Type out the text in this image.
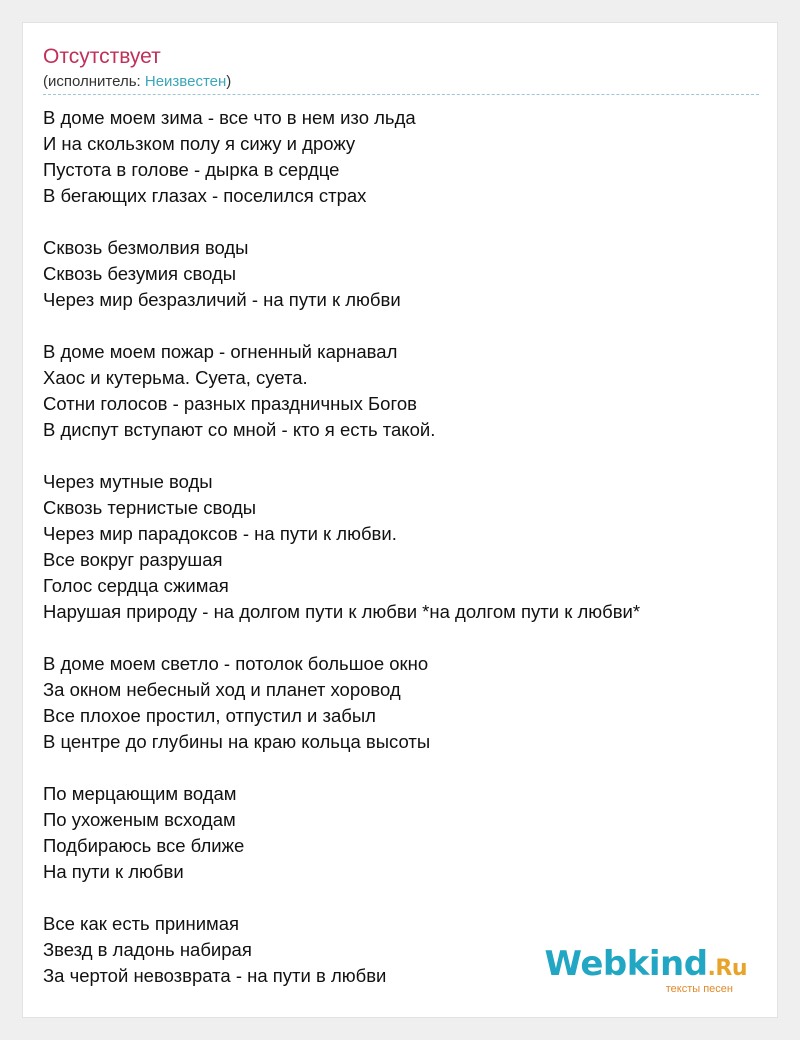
Отсутствует
(исполнитель: Неизвестен)
В доме моем зима - все что в нем изо льда
И на скользком полу я сижу и дрожу
Пустота в голове - дырка в сердце
В бегающих глазах - поселился страх
Сквозь безмолвия воды
Сквозь безумия своды
Через мир безразличий - на пути к любви
В доме моем пожар - огненный карнавал
Хаос и кутерьма. Суета, суета.
Сотни голосов - разных праздничных Богов
В диспут вступают со мной - кто я есть такой.
Через мутные воды
Сквозь тернистые своды
Через мир парадоксов - на пути к любви.
Все вокруг разрушая
Голос сердца сжимая
Нарушая природу - на долгом пути к любви *на долгом пути к любви*
В доме моем светло - потолок большое окно
За окном небесный ход и планет хоровод
Все плохое простил, отпустил и забыл
В центре до глубины на краю кольца высоты
По мерцающим водам
По ухоженым всходам
Подбираюсь все ближе
На пути к любви
Все как есть принимая
Звезд в ладонь набирая
За чертой невозврата - на пути в любви	Webkind.Ru
тексты песен
